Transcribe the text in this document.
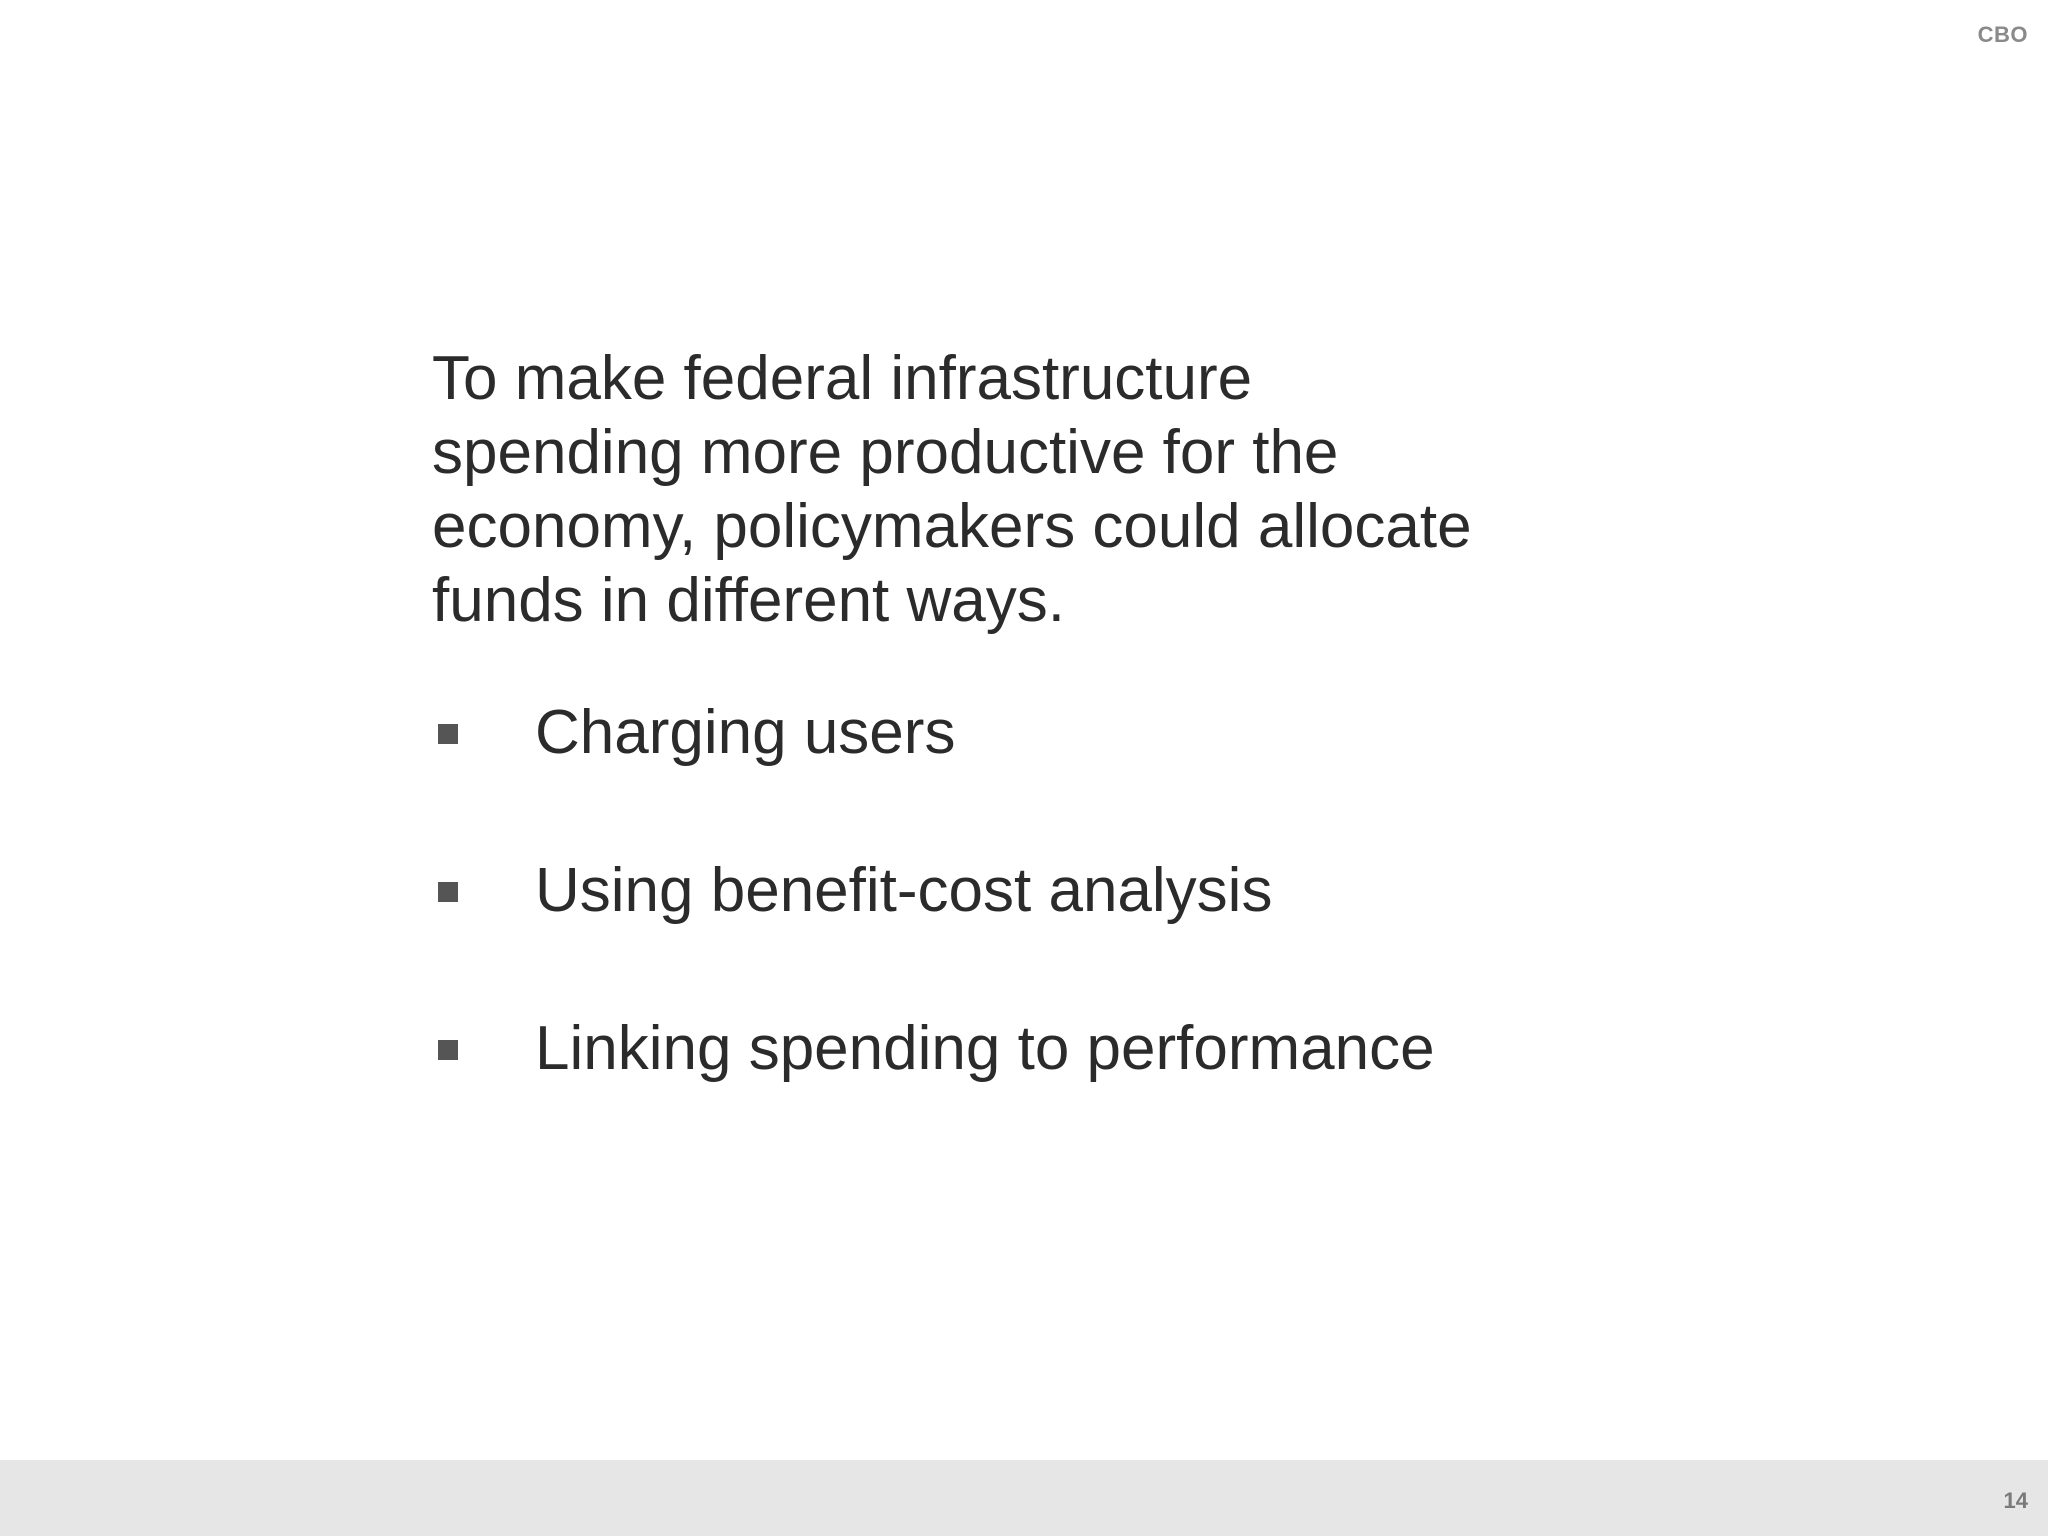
CBO
To make federal infrastructure
spending more productive for the
economy, policymakers could allocate
funds in different ways.
Charging users
Using benefit-cost analysis
Linking spending to performance
14
